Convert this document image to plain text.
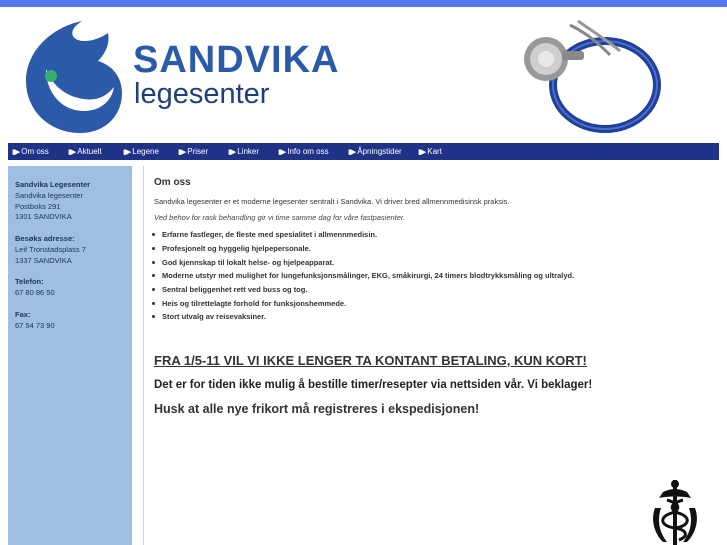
SANDVIKA
legesenter
▮▶ Om oss	▮▶ Aktuelt	▮▶ Legene	▮▶ Priser	▮▶ Linker	▮▶ Info om oss	▮▶ Åpningstider ▮▶ Kart
Sandvika Legesenter
Sandvika legesenter
Postboks 291
1301 SANDVIKA
Besøks adresse:
Leif Tronstadsplass 7
1337 SANDVIKA
Telefon:
67 80 86 50
Fax:
67 54 73 90
Om oss
Sandvika legesenter er et moderne legesenter sentralt i Sandvika. Vi driver bred allmennmedisinsk praksis.
Ved behov for rask behandling gir vi time samme dag for våre fastpasienter.
Erfarne fastleger, de fleste med spesialitet i allmennmedisin.
Profesjonelt og hyggelig hjelpepersonale.
God kjennskap til lokalt helse- og hjelpeapparat.
Moderne utstyr med mulighet for lungefunksjonsmålinger, EKG, småkirurgi, 24 timers blodtrykksmåling og ultralyd.
Sentral beliggenhet rett ved buss og tog.
Heis og tilrettelagte forhold for funksjonshemmede.
Stort utvalg av reisevaksiner.
FRA 1/5-11 VIL VI IKKE LENGER TA KONTANT BETALING, KUN KORT!
Det er for tiden ikke mulig å bestille timer/resepter via nettsiden vår. Vi beklager!
Husk at alle nye frikort må registreres i ekspedisjonen!
